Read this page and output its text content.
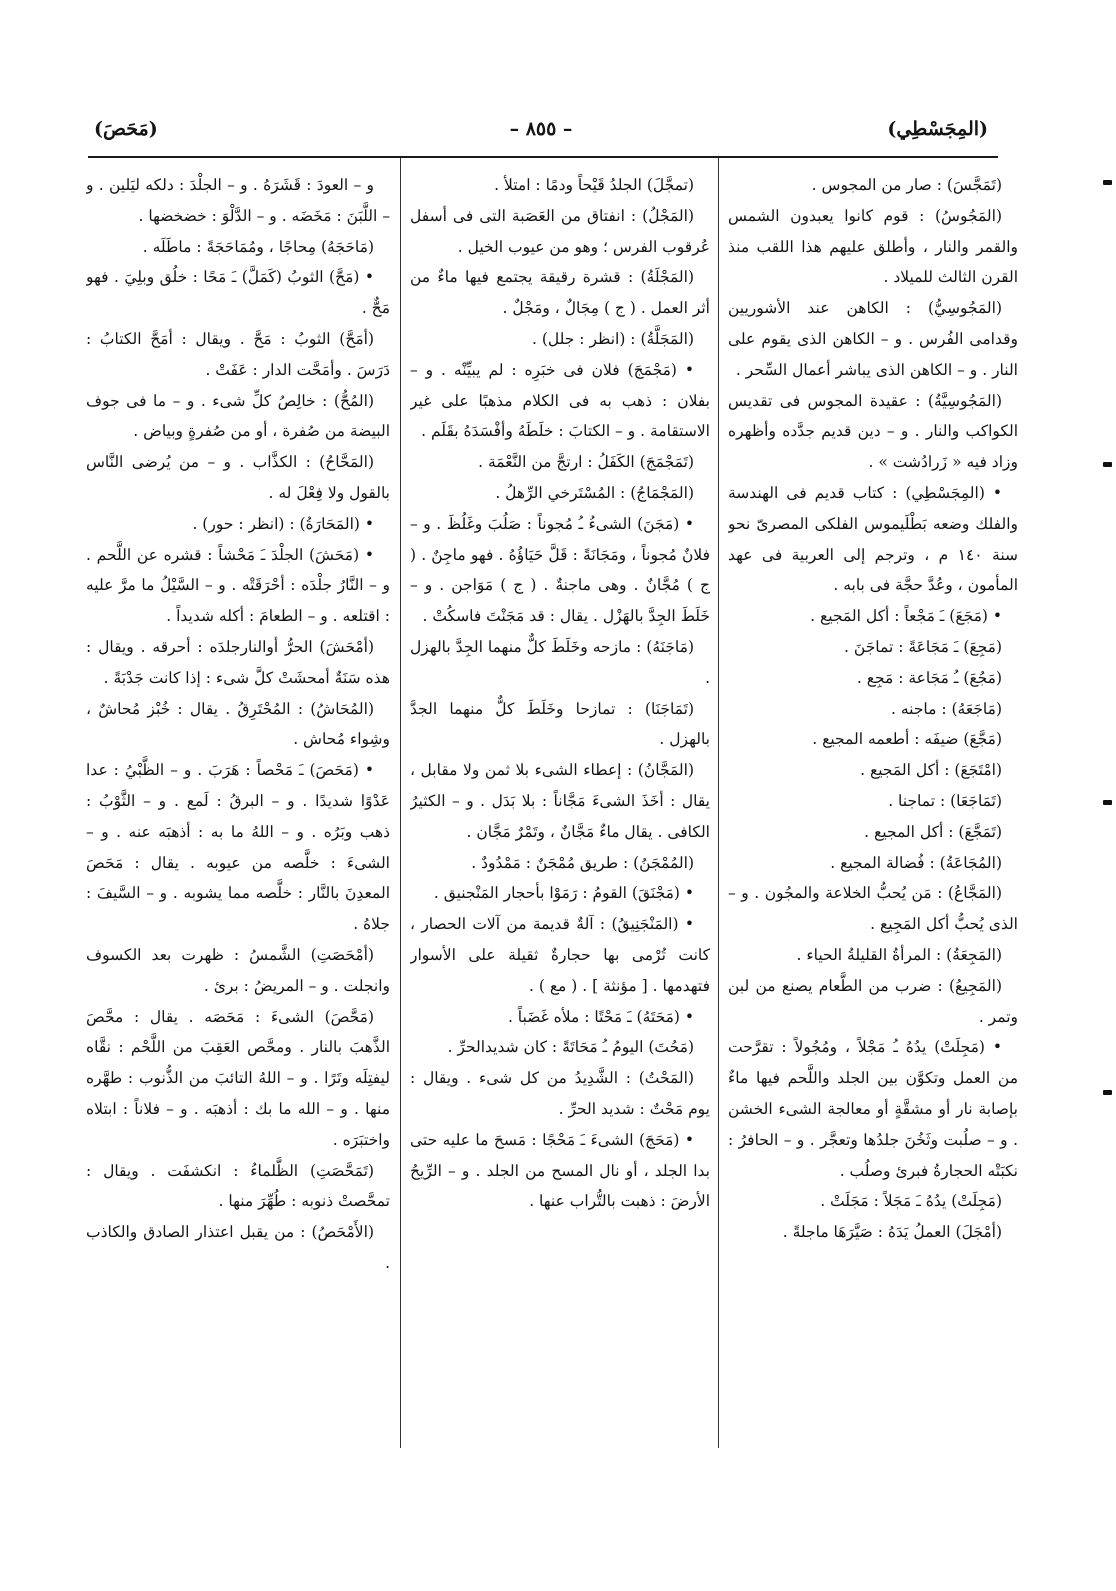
(المِجَسْطِي)
– ٨٥٥ –
(مَحَصَ)

(تَمَجَّسَ) : صار من المجوس .

(المَجُوسُ) : قوم كانوا يعبدون الشمس والقمر والنار ، وأطلق عليهم هذا اللقب منذ القرن الثالث للميلاد .

(المَجُوسِيُّ) : الكاهن عند الأشوريين وقدامى الفُرس . و – الكاهن الذى يقوم على النار . و – الكاهن الذى يباشر أعمال السِّحر .

(المَجُوسِيَّةُ) : عقيدة المجوس فى تقديس الكواكب والنار . و – دين قديم جدَّده وأظهره وزاد فيه « زَرادُشت » .

• (المِجَسْطِي) : كتاب قديم فى الهندسة والفلك وضعه بَطْلَيموس الفلكى المصرىّ نحو سنة ١٤٠ م ، وترجم إلى العربية فى عهد المأمون ، وعُدَّ حجَّة فى بابه .

• (مَجَعَ) ـَ مَجْعاً : أكل المَجيع .

(مَجِعَ) ـَ مَجَاعَةً : تماجَنَ .

(مَجُعَ) ـُ مَجَاعة : مَجِع .

(مَاجَعَهُ) : ماجنه .

(مَجَّعَ) ضيفَه : أطعمه المجيع .

(امْتَجَعَ) : أكل المَجيع .

(تَمَاجَعَا) : تماجنا .

(تَمَجَّعَ) : أكل المجيع .

(المُجَاعَةُ) : فُضالة المجيع .

(المَجَّاعُ) : مَن يُحبُّ الخلاعة والمجُون . و – الذى يُحبُّ أكل المَجِيع .

(المَجِعَةُ) : المرأةُ القليلةُ الحياء .

(المَجِيعُ) : ضرب من الطَّعام يصنع من لبن وتمر .

• (مَجِلَتْ) يدُهُ ـُ مَجْلاً ، ومُجُولاً : تقرَّحت من العمل وتكوَّن بين الجلد واللَّحم فيها ماءٌ بإصابة نار أو مشقَّةٍ أو معالجة الشىء الخشن . و – صلُبت وثَخُنَ جلدُها وتعجَّر . و – الحافرُ : نكبَتْه الحجارةُ فبرئ وصلُب .

(مَجِلَتْ) يدُهُ ـَ مَجَلاً : مَجَلَتْ .

(أمْجَلَ) العملُ يَدَهُ : صَيَّرَهَا ماجلةً .

(تمجَّلَ) الجلدُ قَيْحاً ودمًا : امتلأ .

(المَجْلُ) : انفتاق من العَصَبة التى فى أسفل عُرقوب الفرس ؛ وهو من عيوب الخيل .

(المَجْلَةُ) : قشرة رقيقة يجتمع فيها ماءٌ من أثر العمل . ( ج ) مِجَالٌ ، ومَجْلٌ .

(المَجَلَّةُ) : (انظر : جلل) .

• (مَجْمَجَ) فلان فى خبَرِه : لم يبيِّنْه . و – بفلان : ذهب به فى الكلام مذهبًا على غير الاستقامة . و – الكتابَ : خلَطَهُ وأفْسَدَهُ بقَلَم .

(تَمَجْمَجَ) الكَفَلُ : ارتجَّ من النَّعْمَة .

(المَجْمَاجُ) : المُسْتَرخي الرِّهلُ .

• (مَجَنَ) الشىءُ ـُ مُجوناً : صَلُبَ وغَلُظَ . و – فلانٌ مُجوناً ، ومَجَانَةً : قَلَّ حَيَاؤُهُ . فهو ماجِنٌ . ( ج ) مُجَّانٌ . وهى ماجنةٌ . ( ج ) مَوَاجن . و – خَلَطَ الجِدَّ بالهَزْل . يقال : قد مَجَنْتَ فاسكُتْ .

(مَاجَنَهُ) : مازحه وخَلَطَ كلٌّ منهما الجِدَّ بالهزل .

(تَمَاجَنَا) : تمازحا وخَلَطَ كلٌّ منهما الجدَّ بالهزل .

(المَجَّانُ) : إعطاء الشىء بلا ثمن ولا مقابل ، يقال : أخَذَ الشىءَ مَجَّاناً : بلا بَدَل . و – الكثيرُ الكافى . يقال ماءٌ مَجَّانٌ ، وتَمْرٌ مَجَّان .

(المُمْجَنُ) : طريق مُمْجَنٌ : مَمْدُودٌ .

• (مَجْنَقَ) القومُ : رَمَوْا بأحجار المَنْجنيق .

• (المَنْجَنِيقُ) : آلةٌ قديمة من آلات الحصار ، كانت تُرْمى بها حجارةٌ ثقيلة على الأسوار فتهدمها . [ مؤنثة ] . ( مع ) .

• (مَحَتَهُ) ـَ مَحْتًا : ملأه غَضَباً .

(مَحُتَ) اليومُ ـُ مَحَاتَةً : كان شديدالحرِّ .

(المَحْتُ) : الشَّدِيدُ من كل شىء . ويقال : يوم مَحْتٌ : شديد الحرِّ .

• (مَحَجَ) الشىءَ ـَ مَحْجًا : مَسحَ ما عليه حتى بدا الجلد ، أو نال المسح من الجلد . و – الرِّيحُ الأرضَ : ذهبت بالتُّراب عنها .

و – العودَ : قَشَرَهُ . و – الجلْدَ : دلكه ليَلين . و – اللَّبَنَ : مَخَضَه . و – الدَّلْوَ : خضخضها .

(مَاحَجَهُ) مِحاجًا ، ومُمَاحَجَةً : ماطَلَه .

• (مَحَّ) الثوبُ (كَمَلَّ) ـَ مَحًا : خلُق وبلِيَ . فهو مَحٌّ .

(أمَحَّ) الثوبُ : مَحَّ . ويقال : أمَحَّ الكتابُ : دَرَسَ . وأمَحَّت الدار : عَفَتْ .

(المُحُّ) : خالِصُ كلِّ شىء . و – ما فى جوف البيضة من صُفرة ، أو من صُفرةٍ وبياض .

(المَحَّاحُ) : الكذَّاب . و – من يُرضى النَّاس بالقول ولا فِعْلَ له .

• (المَحَارَةُ) : (انظر : حور) .

• (مَحَشَ) الجلْدَ ـَ مَحْشاً : قشره عن اللَّحم . و – النَّارُ جلْدَه : أحْرَقَتْه . و – السَّيْلُ ما مرَّ عليه : اقتلعه . و – الطعامَ : أكله شديداً .

(أمْحَشَ) الحرُّ أوالنارجلدَه : أحرقه . ويقال : هذه سَنَةٌ أمحشَتْ كلَّ شىء : إذا كانت جَدْبَةً .

(المُحَاشُ) : المُحْتَرِقُ . يقال : خُبْز مُحاشٌ ، وشِواء مُحاش .

• (مَحَصَ) ـَ مَحْصاً : هَرَبَ . و – الظَّبْيُ : عدا عَدْوًا شديدًا . و – البرقُ : لَمع . و – الثَّوْبُ : ذهب وبَرُه . و – اللهُ ما به : أذهبَه عنه . و – الشىءَ : خلَّصه من عيوبه . يقال : مَحَصَ المعدِنَ بالنَّار : خلَّصه مما يشوبه . و – السَّيفَ : جلاهُ .

(أمْحَصَتِ) الشَّمسُ : ظهرت بعد الكسوف وانجلت . و – المريضُ : برئ .

(مَحَّصَ) الشىءَ : مَحَصَه . يقال : محَّصَ الذَّهبَ بالنار . ومحَّص العَقِبَ من اللَّحْم : نقَّاه ليفتِلَه وتَرًا . و – اللهُ التائبَ من الذُّنوب : طهَّره منها . و – الله ما بك : أذهبَه . و – فلاناً : ابتلاه واختبَرَه .

(تَمَحَّصَتِ) الظَّلماءُ : انكشفَت . ويقال : تمحَّصتْ ذنوبه : طُهِّرَ منها .

(الأَمْحَصُ) : من يقبل اعتذار الصادق والكاذب .
